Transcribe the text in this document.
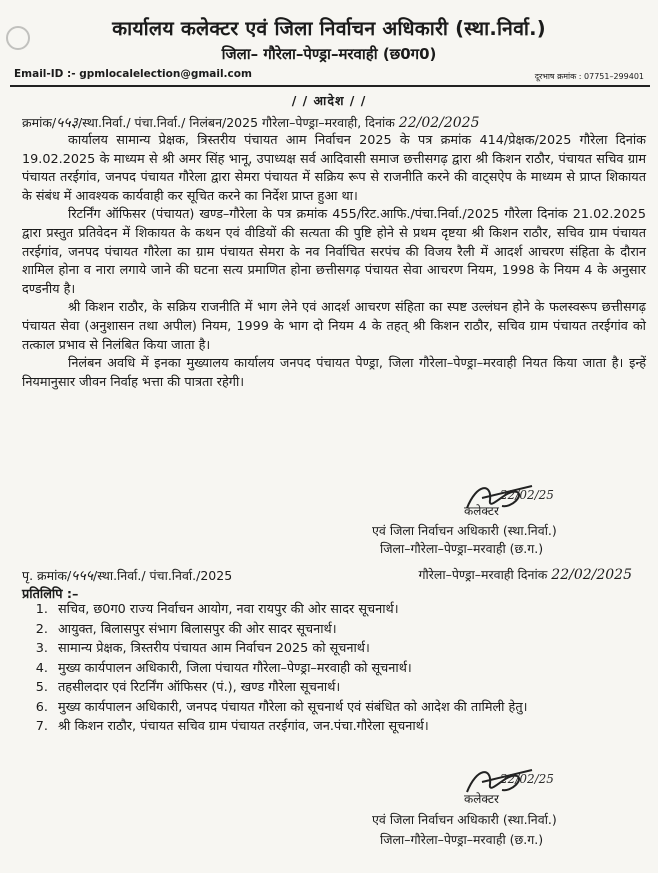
कार्यालय कलेक्टर एवं जिला निर्वाचन अधिकारी (स्था.निर्वा.)
जिला– गौरेला–पेण्ड्रा–मरवाही (छ0ग0)
Email-ID :- gpmlocalelection@gmail.com	दूरभाष क्रमांक : 07751–299401
/ / आदेश / /
क्रमांक/५५३/स्था.निर्वा./ पंचा.निर्वा./ निलंबन/2025 गौरेला–पेण्ड्रा–मरवाही, दिनांक 22/02/2025

कार्यालय सामान्य प्रेक्षक, त्रिस्तरीय पंचायत आम निर्वाचन 2025 के पत्र क्रमांक 414/प्रेक्षक/2025 गौरेला दिनांक 19.02.2025 के माध्यम से श्री अमर सिंह भानू, उपाध्यक्ष सर्व आदिवासी समाज छत्तीसगढ़ द्वारा श्री किशन राठौर, पंचायत सचिव ग्राम पंचायत तरईगांव, जनपद पंचायत गौरेला द्वारा सेमरा पंचायत में सक्रिय रूप से राजनीति करने की वाट्सऐप के माध्यम से प्राप्त शिकायत के संबंध में आवश्यक कार्यवाही कर सूचित करने का निर्देश प्राप्त हुआ था।

रिटर्निंग ऑफिसर (पंचायत) खण्ड–गौरेला के पत्र क्रमांक 455/रिट.आफि./पंचा.निर्वा./2025 गौरेला दिनांक 21.02.2025 द्वारा प्रस्तुत प्रतिवेदन में शिकायत के कथन एवं वीडियों की सत्यता की पुष्टि होने से प्रथम दृष्टया श्री किशन राठौर, सचिव ग्राम पंचायत तरईगांव, जनपद पंचायत गौरेला का ग्राम पंचायत सेमरा के नव निर्वाचित सरपंच की विजय रैली में आदर्श आचरण संहिता के दौरान शामिल होना व नारा लगाये जाने की घटना सत्य प्रमाणित होना छत्तीसगढ़ पंचायत सेवा आचरण नियम, 1998 के नियम 4 के अनुसार दण्डनीय है।

श्री किशन राठौर, के सक्रिय राजनीति में भाग लेने एवं आदर्श आचरण संहिता का स्पष्ट उल्लंघन होने के फलस्वरूप छत्तीसगढ़ पंचायत सेवा (अनुशासन तथा अपील) नियम, 1999 के भाग दो नियम 4 के तहत् श्री किशन राठौर, सचिव ग्राम पंचायत तरईगांव को तत्काल प्रभाव से निलंबित किया जाता है।

निलंबन अवधि में इनका मुख्यालय कार्यालय जनपद पंचायत पेण्ड्रा, जिला गौरेला–पेण्ड्रा–मरवाही नियत किया जाता है। इन्हें नियमानुसार जीवन निर्वाह भत्ता की पात्रता रहेगी।

22/02/25
कलेक्टर
एवं जिला निर्वाचन अधिकारी (स्था.निर्वा.)
जिला–गौरेला–पेण्ड्रा–मरवाही (छ.ग.)
पृ. क्रमांक/५५५/स्था.निर्वा./ पंचा.निर्वा./2025	गौरेला–पेण्ड्रा–मरवाही दिनांक 22/02/2025
प्रतिलिपि :–
1. सचिव, छ0ग0 राज्य निर्वाचन आयोग, नवा रायपुर की ओर सादर सूचनार्थ।
2. आयुक्त, बिलासपुर संभाग बिलासपुर की ओर सादर सूचनार्थ।
3. सामान्य प्रेक्षक, त्रिस्तरीय पंचायत आम निर्वाचन 2025 को सूचनार्थ।
4. मुख्य कार्यपालन अधिकारी, जिला पंचायत गौरेला–पेण्ड्रा–मरवाही को सूचनार्थ।
5. तहसीलदार एवं रिटर्निंग ऑफिसर (पं.), खण्ड गौरेला सूचनार्थ।
6. मुख्य कार्यपालन अधिकारी, जनपद पंचायत गौरेला को सूचनार्थ एवं संबंधित को आदेश की तामिली हेतु।
7. श्री किशन राठौर, पंचायत सचिव ग्राम पंचायत तरईगांव, जन.पंचा.गौरेला सूचनार्थ।
22/02/25
कलेक्टर
एवं जिला निर्वाचन अधिकारी (स्था.निर्वा.)
जिला–गौरेला–पेण्ड्रा–मरवाही (छ.ग.)
